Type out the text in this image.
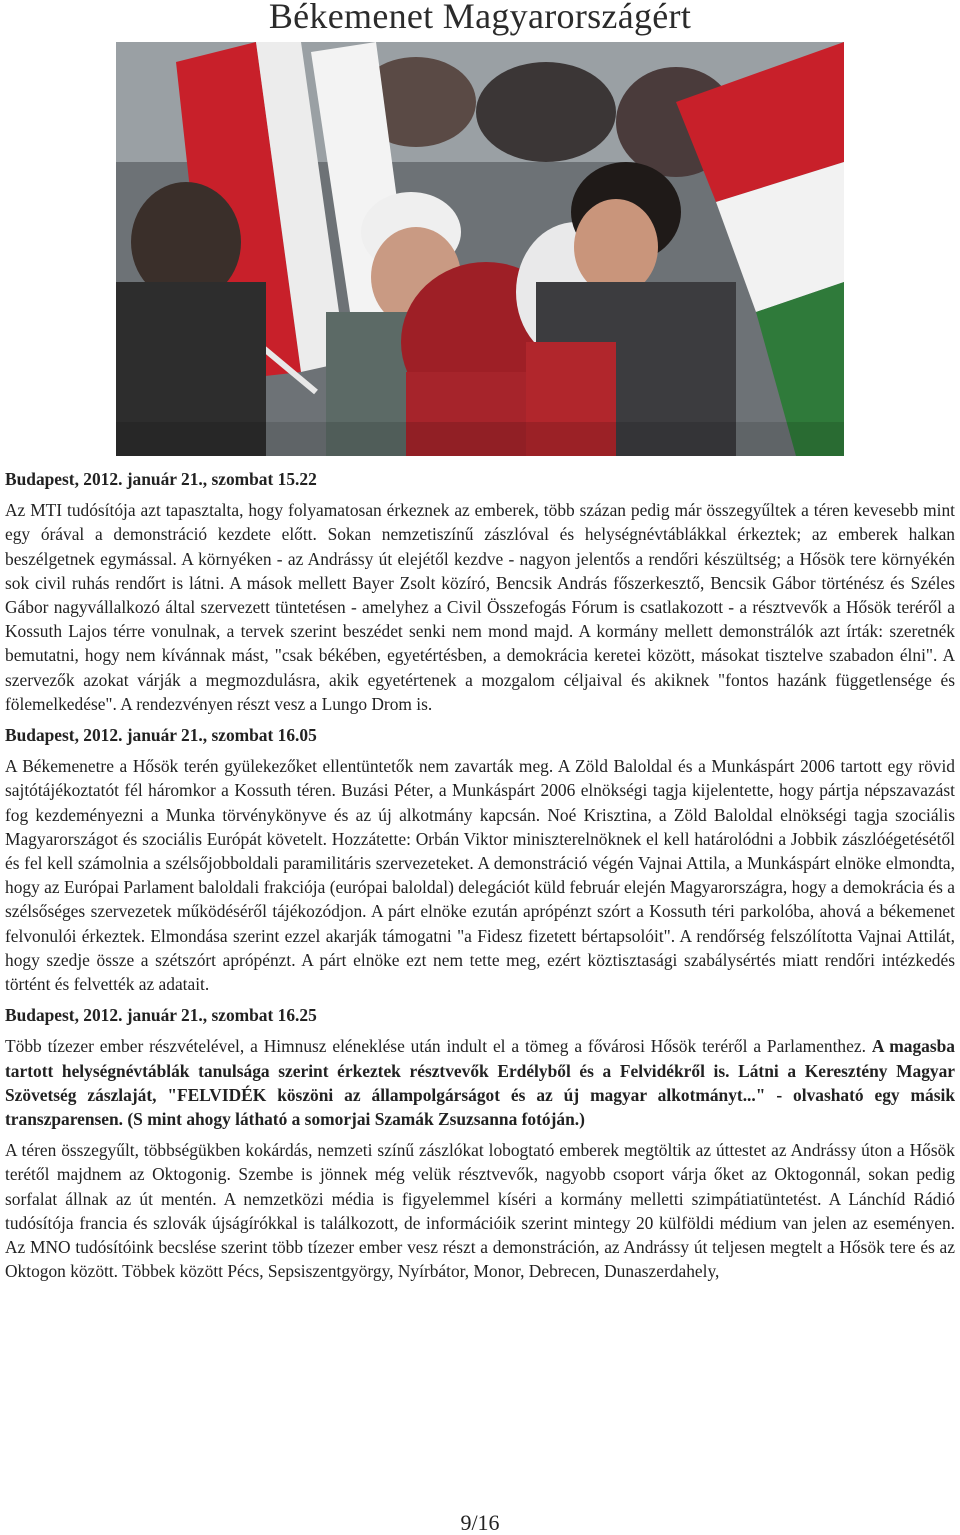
Békemenet Magyarországért
Budapest, 2012. január 21., szombat 15.22

Az MTI tudósítója azt tapasztalta, hogy folyamatosan érkeznek az emberek, több százan pedig már összegyűltek a téren kevesebb mint egy órával a demonstráció kezdete előtt. Sokan nemzetiszínű zászlóval és helységnévtáblákkal érkeztek; az emberek halkan beszélgetnek egymással. A környéken - az Andrássy út elejétől kezdve - nagyon jelentős a rendőri készültség; a Hősök tere környékén sok civil ruhás rendőrt is látni. A mások mellett Bayer Zsolt közíró, Bencsik András főszerkesztő, Bencsik Gábor történész és Széles Gábor nagyvállalkozó által szervezett tüntetésen - amelyhez a Civil Összefogás Fórum is csatlakozott - a résztvevők a Hősök teréről a Kossuth Lajos térre vonulnak, a tervek szerint beszédet senki nem mond majd. A kormány mellett demonstrálók azt írták: szeretnék bemutatni, hogy nem kívánnak mást, "csak békében, egyetértésben, a demokrácia keretei között, másokat tisztelve szabadon élni". A szervezők azokat várják a megmozdulásra, akik egyetértenek a mozgalom céljaival és akiknek "fontos hazánk függetlensége és fölemelkedése". A rendezvényen részt vesz a Lungo Drom is.

Budapest, 2012. január 21., szombat 16.05

A Békemenetre a Hősök terén gyülekezőket ellentüntetők nem zavarták meg. A Zöld Baloldal és a Munkáspárt 2006 tartott egy rövid sajtótájékoztatót fél háromkor a Kossuth téren. Buzási Péter, a Munkáspárt 2006 elnökségi tagja kijelentette, hogy pártja népszavazást fog kezdeményezni a Munka törvénykönyve és az új alkotmány kapcsán. Noé Krisztina, a Zöld Baloldal elnökségi tagja szociális Magyarországot és szociális Európát követelt. Hozzátette: Orbán Viktor miniszterelnöknek el kell határolódni a Jobbik zászlóégetésétől és fel kell számolnia a szélsőjobboldali paramilitáris szervezeteket. A demonstráció végén Vajnai Attila, a Munkáspárt elnöke elmondta, hogy az Európai Parlament baloldali frakciója (európai baloldal) delegációt küld február elején Magyarországra, hogy a demokrácia és a szélsőséges szervezetek működéséről tájékozódjon. A párt elnöke ezután aprópénzt szórt a Kossuth téri parkolóba, ahová a békemenet felvonulói érkeztek. Elmondása szerint ezzel akarják támogatni "a Fidesz fizetett bértapsolóit". A rendőrség felszólította Vajnai Attilát, hogy szedje össze a szétszórt aprópénzt. A párt elnöke ezt nem tette meg, ezért köztisztasági szabálysértés miatt rendőri intézkedés történt és felvették az adatait.

Budapest, 2012. január 21., szombat 16.25

Több tízezer ember részvételével, a Himnusz eléneklése után indult el a tömeg a fővárosi Hősök teréről a Parlamenthez. A magasba tartott helységnévtáblák tanulsága szerint érkeztek résztvevők Erdélyből és a Felvidékről is. Látni a Keresztény Magyar Szövetség zászlaját, "FELVIDÉK köszöni az állampolgárságot és az új magyar alkotmányt..." - olvasható egy másik transzparensen. (S mint ahogy látható a somorjai Szamák Zsuzsanna fotóján.)

A téren összegyűlt, többségükben kokárdás, nemzeti színű zászlókat lobogtató emberek megtöltik az úttestet az Andrássy úton a Hősök terétől majdnem az Oktogonig. Szembe is jönnek még velük résztvevők, nagyobb csoport várja őket az Oktogonnál, sokan pedig sorfalat állnak az út mentén. A nemzetközi média is figyelemmel kíséri a kormány melletti szimpátiatüntetést. A Lánchíd Rádió tudósítója francia és szlovák újságírókkal is találkozott, de információik szerint mintegy 20 külföldi médium van jelen az eseményen. Az MNO tudósítóink becslése szerint több tízezer ember vesz részt a demonstráción, az Andrássy út teljesen megtelt a Hősök tere és az Oktogon között. Többek között Pécs, Sepsiszentgyörgy, Nyírbátor, Monor, Debrecen, Dunaszerdahely,

9/16
